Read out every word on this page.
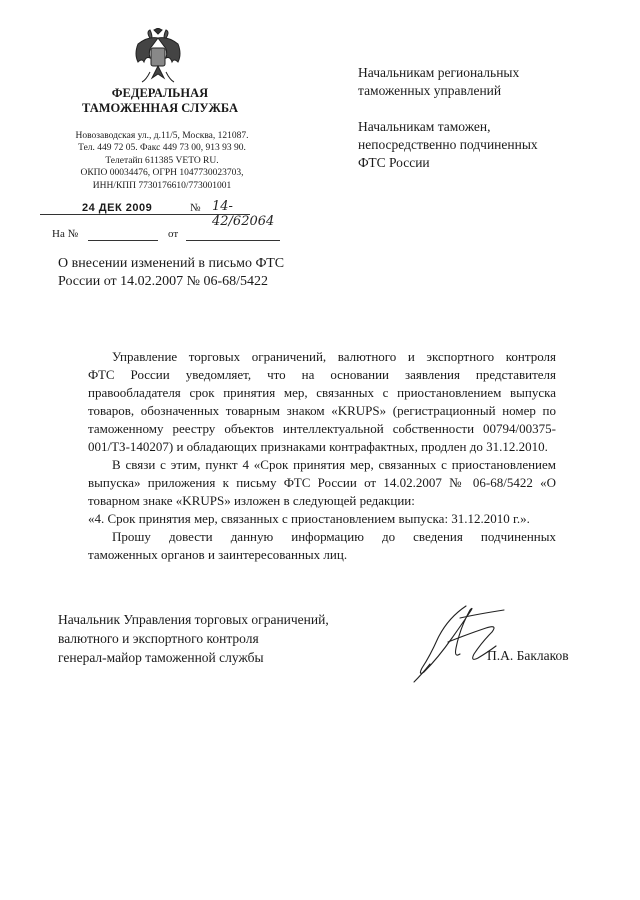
ФЕДЕРАЛЬНАЯ
ТАМОЖЕННАЯ СЛУЖБА
Новозаводская ул., д.11/5, Москва, 121087.
Тел. 449 72 05. Факс 449 73 00, 913 93 90.
Телетайп 611385 VETO RU.
ОКПО 00034476, ОГРН 1047730023703,
ИНН/КПП 7730176610/773001001
24 ДЕК 2009	№ 14-42/62064
На №	от
Начальникам региональных
таможенных управлений
Начальникам таможен,
непосредственно подчиненных
ФТС России
О внесении изменений в письмо ФТС
России от 14.02.2007 № 06-68/5422

Управление торговых ограничений, валютного и экспортного контроля

ФТС России уведомляет, что на основании заявления представителя

правообладателя срок принятия мер, связанных с приостановлением выпуска

товаров, обозначенных товарным знаком «KRUPS» (регистрационный номер по

таможенному реестру объектов интеллектуальной собственности 00794/00375-

001/ТЗ-140207) и обладающих признаками контрафактных, продлен до 31.12.2010.

В связи с этим, пункт 4 «Срок принятия мер, связанных с приостановлением

выпуска» приложения к письму ФТС России от 14.02.2007 № 06-68/5422 «О

товарном знаке «KRUPS» изложен в следующей редакции:

«4. Срок принятия мер, связанных с приостановлением выпуска: 31.12.2010 г.».

Прошу довести данную информацию до сведения подчиненных

таможенных органов и заинтересованных лиц.

Начальник Управления торговых ограничений,
валютного и экспортного контроля
генерал-майор таможенной службы	П.А. Баклаков
